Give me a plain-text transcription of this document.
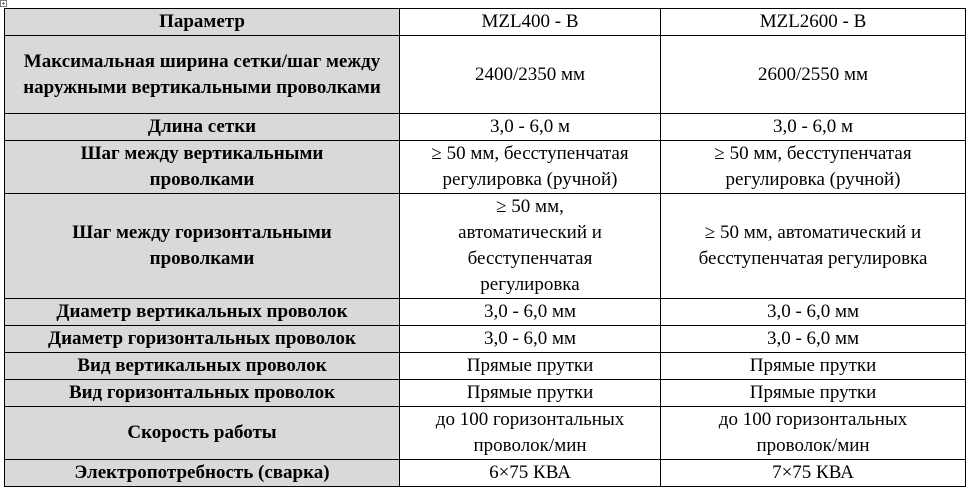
Параметр	MZL400 - B	MZL2600 - B
Максимальная ширина сетки/шаг между наружными вертикальными проволками	2400/2350 мм	2600/2550 мм
Длина сетки	3,0 - 6,0 м	3,0 - 6,0 м
Шаг между вертикальными проволками	≥ 50 мм, бесступенчатая регулировка (ручной)	≥ 50 мм, бесступенчатая регулировка (ручной)
Шаг между горизонтальными проволками	≥ 50 мм, автоматический и бесступенчатая регулировка	≥ 50 мм, автоматический и бесступенчатая регулировка
Диаметр вертикальных проволок	3,0 - 6,0 мм	3,0 - 6,0 мм
Диаметр горизонтальных проволок	3,0 - 6,0 мм	3,0 - 6,0 мм
Вид вертикальных проволок	Прямые прутки	Прямые прутки
Вид горизонтальных проволок	Прямые прутки	Прямые прутки
Скорость работы	до 100 горизонтальных проволок/мин	до 100 горизонтальных проволок/мин
Электропотребность (сварка)	6×75 КВА	7×75 КВА
